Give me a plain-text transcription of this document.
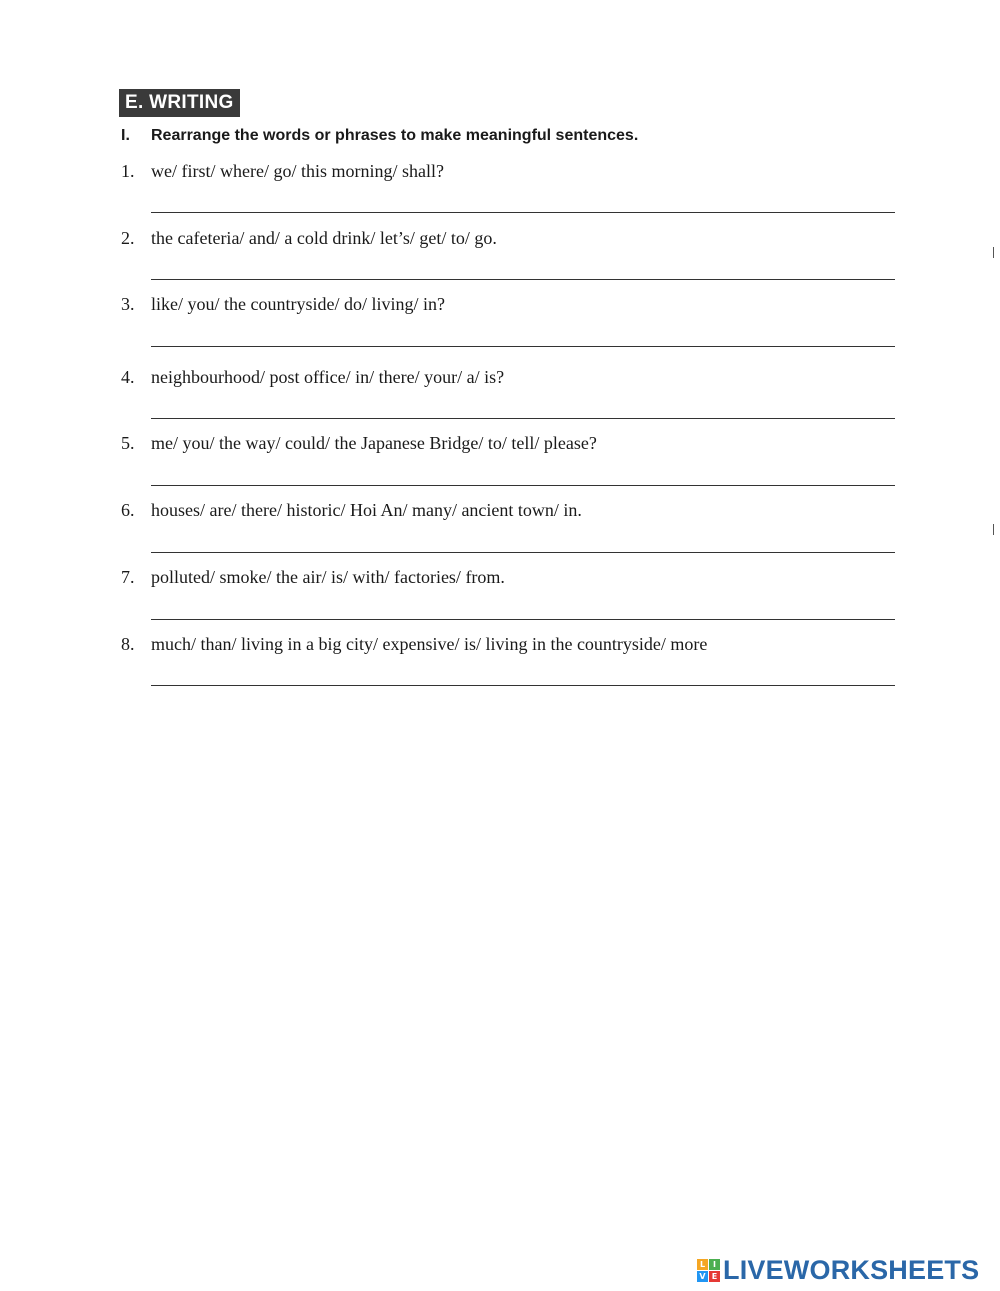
E. WRITING
I. Rearrange the words or phrases to make meaningful sentences.
1. we/ first/ where/ go/ this morning/ shall?
2. the cafeteria/ and/ a cold drink/ let’s/ get/ to/ go.
3. like/ you/ the countryside/ do/ living/ in?
4. neighbourhood/ post office/ in/ there/ your/ a/ is?
5. me/ you/ the way/ could/ the Japanese Bridge/ to/ tell/ please?
6. houses/ are/ there/ historic/ Hoi An/ many/ ancient town/ in.
7. polluted/ smoke/ the air/ is/ with/ factories/ from.
8. much/ than/ living in a big city/ expensive/ is/ living in the countryside/ more
L I
V E LIVEWORKSHEETS
